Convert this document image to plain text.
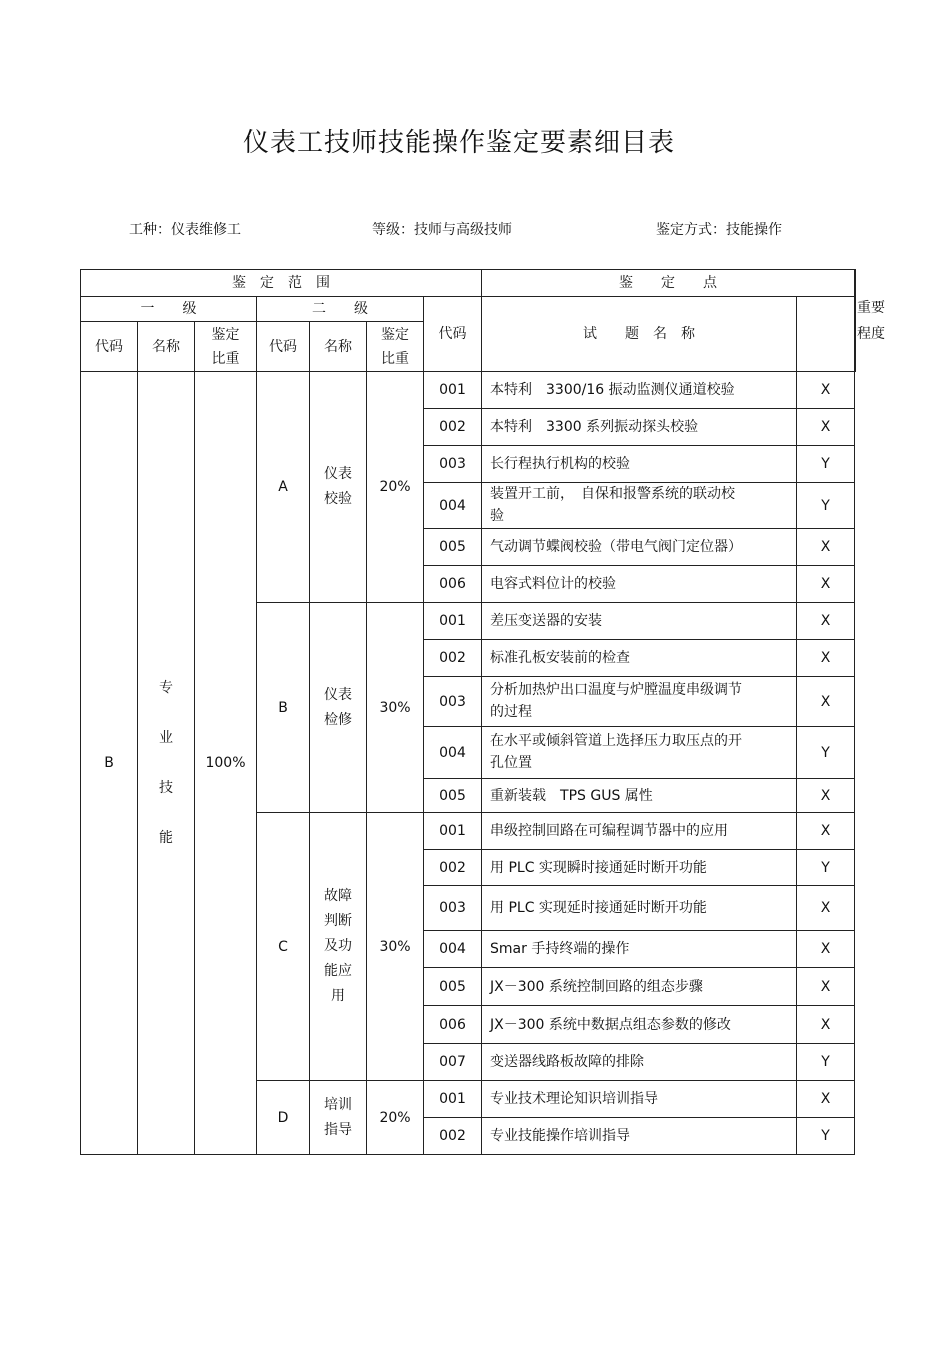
仪表工技师技能操作鉴定要素细目表
工种：仪表维修工	等级：技师与高级技师	鉴定方式：技能操作
鉴　定　范　围							鉴　　定　　点		重要程度
一　　级			二　　级			代码	试　　题　名　称		
代码	名称	鉴定比重	代码	名称	鉴定比重				
B	专业技能	100%	A	仪表校验	20%	001	本特利　3300/16 振动监测仪通道校验	X	
						002	本特利　3300 系列振动探头校验	X	
						003	长行程执行机构的校验	Y	
						004	装置开工前，　自保和报警系统的联动校验	Y	
						005	气动调节蝶阀校验（带电气阀门定位器）	X	
						006	电容式料位计的校验	X	
			B	仪表检修	30%	001	差压变送器的安装	X	
						002	标准孔板安装前的检查	X	
						003	分析加热炉出口温度与炉膛温度串级调节的过程	X	
						004	在水平或倾斜管道上选择压力取压点的开孔位置	Y	
						005	重新装载　TPS GUS 属性	X	
			C	故障判断及功能应用	30%	001	串级控制回路在可编程调节器中的应用	X	
						002	用 PLC 实现瞬时接通延时断开功能	Y	
						003	用 PLC 实现延时接通延时断开功能	X	
						004	Smar 手持终端的操作	X	
						005	JX－300 系统控制回路的组态步骤	X	
						006	JX－300 系统中数据点组态参数的修改	X	
						007	变送器线路板故障的排除	Y	
			D	培训指导	20%	001	专业技术理论知识培训指导	X	
						002	专业技能操作培训指导	Y	
